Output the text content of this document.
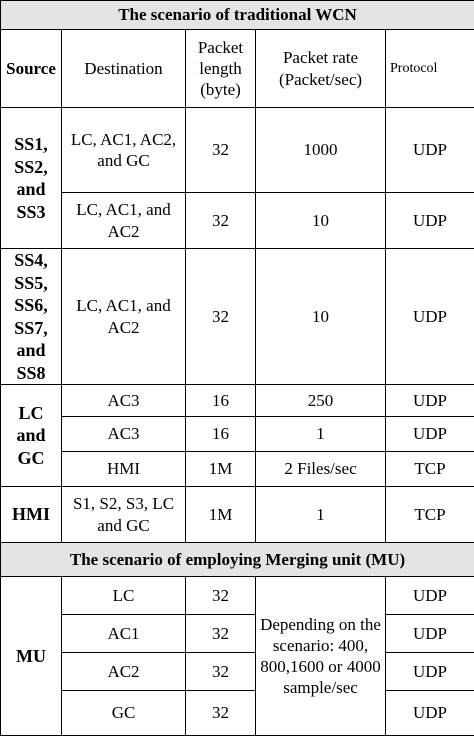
The scenario of traditional WCN				
Source	Destination	Packet length (byte)	Packet rate (Packet/sec)	Protocol
SS1, SS2, and SS3	LC, AC1, AC2, and GC	32	1000	UDP
	LC, AC1, and AC2	32	10	UDP
SS4, SS5, SS6, SS7, and SS8	LC, AC1, and AC2	32	10	UDP
LC and GC	AC3	16	250	UDP
	AC3	16	1	UDP
	HMI	1M	2 Files/sec	TCP
HMI	S1, S2, S3, LC and GC	1M	1	TCP
The scenario of employing Merging unit (MU)				
MU	LC	32	Depending on the scenario: 400, 800,1600 or 4000 sample/sec	UDP
	AC1	32		UDP
	AC2	32		UDP
	GC	32		UDP
